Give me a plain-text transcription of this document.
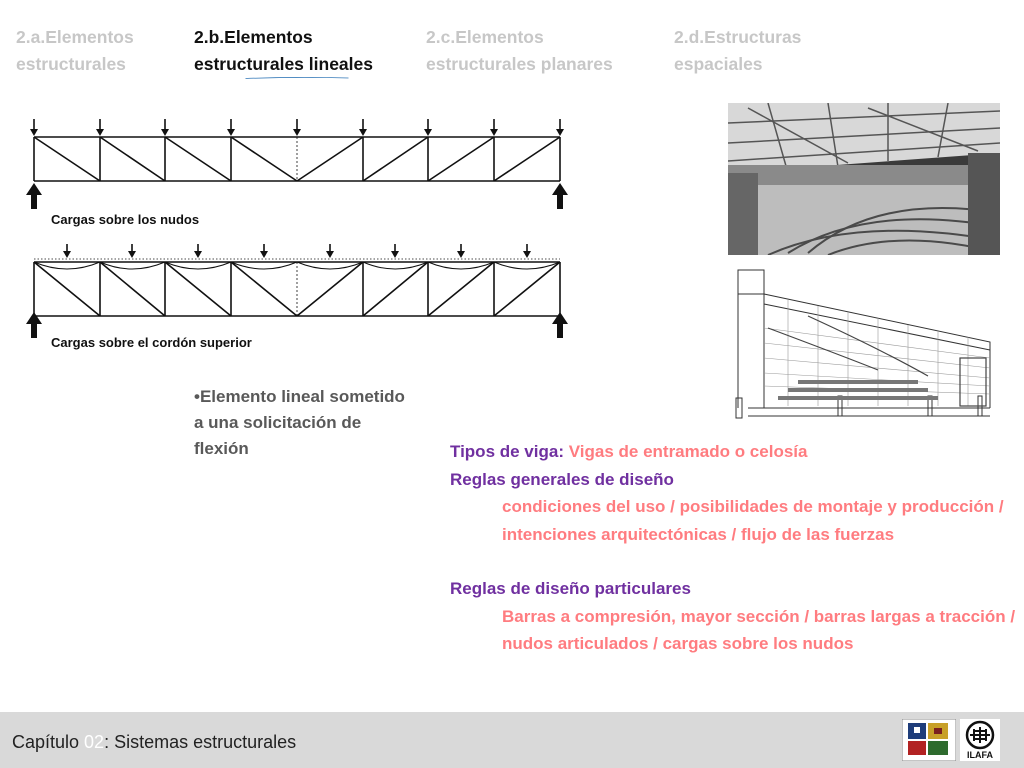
2.a.Elementos
estructurales
2.b.Elementos
estructurales lineales
2.c.Elementos
estructurales planares
2.d.Estructuras
espaciales
Cargas sobre los nudos
Cargas sobre el cordón superior
•Elemento lineal sometido a una solicitación de flexión	Tipos de viga: Vigas de entramado o celosía
Reglas generales de diseño
condiciones del uso / posibilidades de montaje y producción / intenciones arquitectónicas / flujo de las fuerzas
Reglas de diseño particulares
Barras a compresión, mayor sección / barras largas a tracción / nudos articulados / cargas sobre los nudos
Capítulo 02: Sistemas estructurales
ILAFA
